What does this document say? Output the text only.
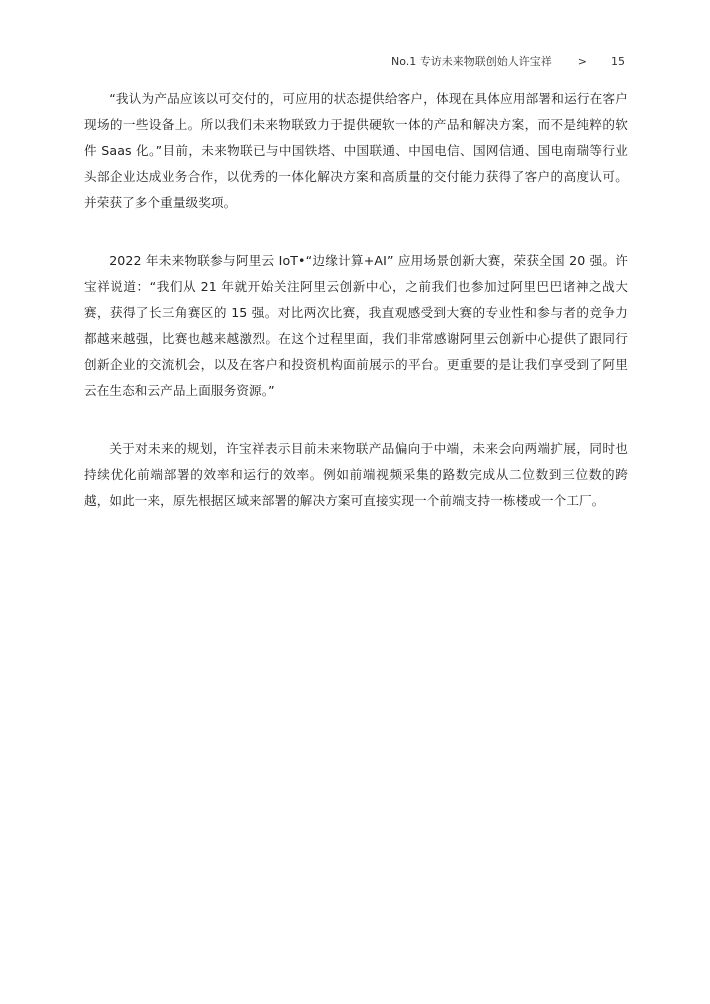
No.1 专访未来物联创始人许宝祥 > 15

“我认为产品应该以可交付的，可应用的状态提供给客户，体现在具体应用部署和运行在客户现场的一些设备上。所以我们未来物联致力于提供硬软一体的产品和解决方案，而不是纯粹的软件 Saas 化。”目前，未来物联已与中国铁塔、中国联通、中国电信、国网信通、国电南瑞等行业头部企业达成业务合作，以优秀的一体化解决方案和高质量的交付能力获得了客户的高度认可。并荣获了多个重量级奖项。

2022 年未来物联参与阿里云 IoT•“边缘计算+AI” 应用场景创新大赛，荣获全国 20 强。许宝祥说道：“我们从 21 年就开始关注阿里云创新中心，之前我们也参加过阿里巴巴诸神之战大赛，获得了长三角赛区的 15 强。对比两次比赛，我直观感受到大赛的专业性和参与者的竞争力都越来越强，比赛也越来越激烈。在这个过程里面，我们非常感谢阿里云创新中心提供了跟同行创新企业的交流机会，以及在客户和投资机构面前展示的平台。更重要的是让我们享受到了阿里云在生态和云产品上面服务资源。”

关于对未来的规划，许宝祥表示目前未来物联产品偏向于中端，未来会向两端扩展，同时也持续优化前端部署的效率和运行的效率。例如前端视频采集的路数完成从二位数到三位数的跨越，如此一来，原先根据区域来部署的解决方案可直接实现一个前端支持一栋楼或一个工厂。
